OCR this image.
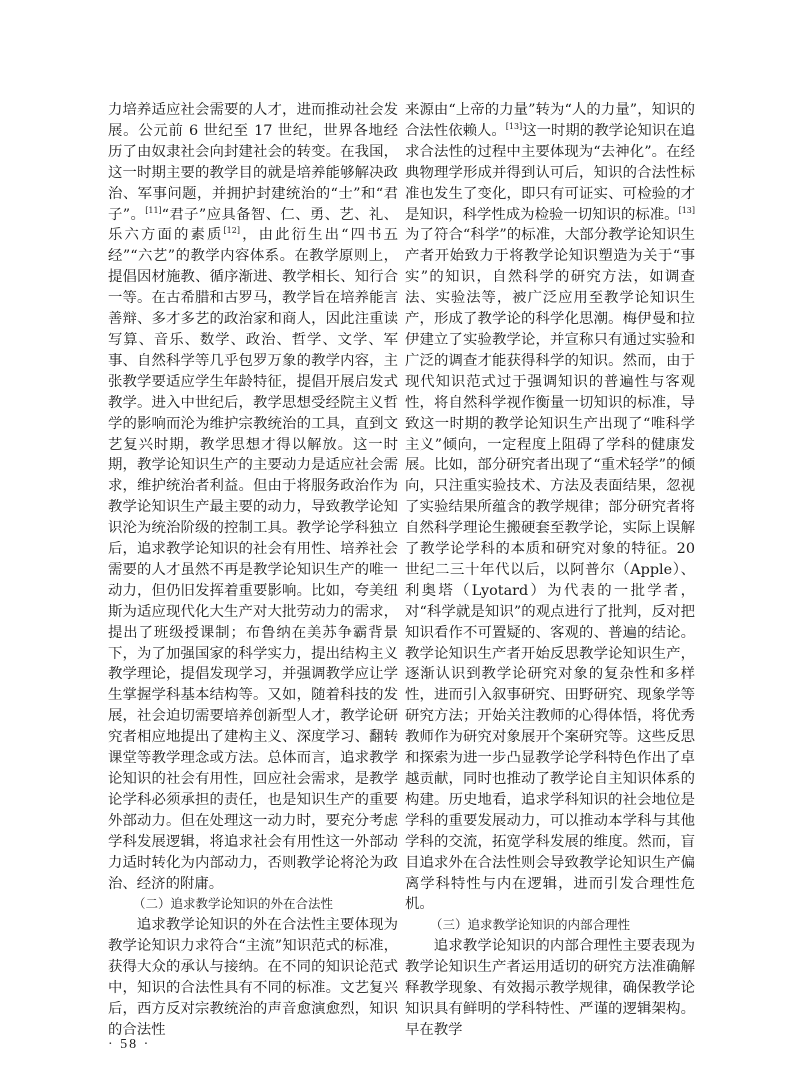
力培养适应社会需要的人才，进而推动社会发展。公元前 6 世纪至 17 世纪，世界各地经历了由奴隶社会向封建社会的转变。在我国，这一时期主要的教学目的就是培养能够解决政治、军事问题，并拥护封建统治的“士”和“君子”。[11]“君子”应具备智、仁、勇、艺、礼、乐六方面的素质[12]，由此衍生出“四书五经”“六艺”的教学内容体系。在教学原则上，提倡因材施教、循序渐进、教学相长、知行合一等。在古希腊和古罗马，教学旨在培养能言善辩、多才多艺的政治家和商人，因此注重读写算、音乐、数学、政治、哲学、文学、军事、自然科学等几乎包罗万象的教学内容，主张教学要适应学生年龄特征，提倡开展启发式教学。进入中世纪后，教学思想受经院主义哲学的影响而沦为维护宗教统治的工具，直到文艺复兴时期，教学思想才得以解放。这一时期，教学论知识生产的主要动力是适应社会需求，维护统治者利益。但由于将服务政治作为教学论知识生产最主要的动力，导致教学论知识沦为统治阶级的控制工具。教学论学科独立后，追求教学论知识的社会有用性、培养社会需要的人才虽然不再是教学论知识生产的唯一动力，但仍旧发挥着重要影响。比如，夸美纽斯为适应现代化大生产对大批劳动力的需求，提出了班级授课制；布鲁纳在美苏争霸背景下，为了加强国家的科学实力，提出结构主义教学理论，提倡发现学习，并强调教学应让学生掌握学科基本结构等。又如，随着科技的发展，社会迫切需要培养创新型人才，教学论研究者相应地提出了建构主义、深度学习、翻转课堂等教学理念或方法。总体而言，追求教学论知识的社会有用性，回应社会需求，是教学论学科必须承担的责任，也是知识生产的重要外部动力。但在处理这一动力时，要充分考虑学科发展逻辑，将追求社会有用性这一外部动力适时转化为内部动力，否则教学论将沦为政治、经济的附庸。

（二）追求教学论知识的外在合法性

追求教学论知识的外在合法性主要体现为教学论知识力求符合“主流”知识范式的标准，获得大众的承认与接纳。在不同的知识论范式中，知识的合法性具有不同的标准。文艺复兴后，西方反对宗教统治的声音愈演愈烈，知识的合法性

来源由“上帝的力量”转为“人的力量”，知识的合法性依赖人。[13]这一时期的教学论知识在追求合法性的过程中主要体现为“去神化”。在经典物理学形成并得到认可后，知识的合法性标准也发生了变化，即只有可证实、可检验的才是知识，科学性成为检验一切知识的标准。[13]为了符合“科学”的标准，大部分教学论知识生产者开始致力于将教学论知识塑造为关于“事实”的知识，自然科学的研究方法，如调查法、实验法等，被广泛应用至教学论知识生产，形成了教学论的科学化思潮。梅伊曼和拉伊建立了实验教学论，并宣称只有通过实验和广泛的调查才能获得科学的知识。然而，由于现代知识范式过于强调知识的普遍性与客观性，将自然科学视作衡量一切知识的标准，导致这一时期的教学论知识生产出现了“唯科学主义”倾向，一定程度上阻碍了学科的健康发展。比如，部分研究者出现了“重术轻学”的倾向，只注重实验技术、方法及表面结果，忽视了实验结果所蕴含的教学规律；部分研究者将自然科学理论生搬硬套至教学论，实际上误解了教学论学科的本质和研究对象的特征。20 世纪二三十年代以后，以阿普尔（Apple）、利奥塔（Lyotard）为代表的一批学者，对“科学就是知识”的观点进行了批判，反对把知识看作不可置疑的、客观的、普遍的结论。教学论知识生产者开始反思教学论知识生产，逐渐认识到教学论研究对象的复杂性和多样性，进而引入叙事研究、田野研究、现象学等研究方法；开始关注教师的心得体悟，将优秀教师作为研究对象展开个案研究等。这些反思和探索为进一步凸显教学论学科特色作出了卓越贡献，同时也推动了教学论自主知识体系的构建。历史地看，追求学科知识的社会地位是学科的重要发展动力，可以推动本学科与其他学科的交流，拓宽学科发展的维度。然而，盲目追求外在合法性则会导致教学论知识生产偏离学科特性与内在逻辑，进而引发合理性危机。

（三）追求教学论知识的内部合理性

追求教学论知识的内部合理性主要表现为教学论知识生产者运用适切的研究方法准确解释教学现象、有效揭示教学规律，确保教学论知识具有鲜明的学科特性、严谨的逻辑架构。早在教学

· 58 ·
